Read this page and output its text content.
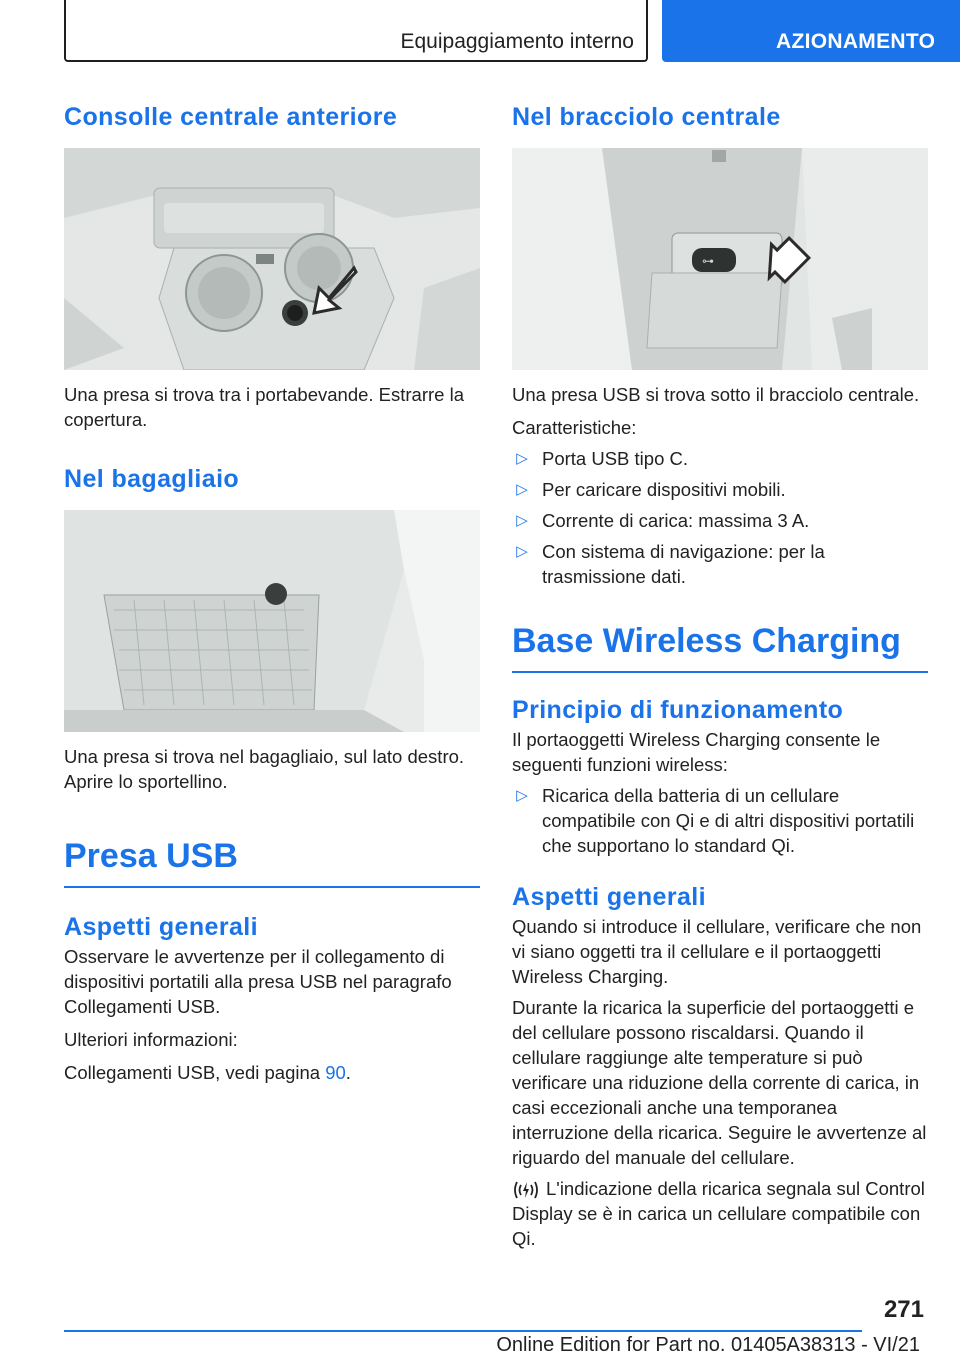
Equipaggiamento interno	AZIONAMENTO
Consolle centrale anteriore

Una presa si trova tra i portabevande. Estrarre la copertura.

Nel bagagliaio

Una presa si trova nel bagagliaio, sul lato destro. Aprire lo sportellino.

Presa USB
Aspetti generali

Osservare le avvertenze per il collegamento di dispositivi portatili alla presa USB nel paragrafo Collegamenti USB.

Ulteriori informazioni:

Collegamenti USB, vedi pagina 90.

Nel bracciolo centrale
⊶

Una presa USB si trova sotto il bracciolo centrale.

Caratteristiche:

▷ Porta USB tipo C.
▷ Per caricare dispositivi mobili.
▷ Corrente di carica: massima 3 A.
▷ Con sistema di navigazione: per la trasmissione dati.
Base Wireless Charging
Principio di funzionamento

Il portaoggetti Wireless Charging consente le seguenti funzioni wireless:

▷ Ricarica della batteria di un cellulare compatibile con Qi e di altri dispositivi portatili che supportano lo standard Qi.
Aspetti generali

Quando si introduce il cellulare, verificare che non vi siano oggetti tra il cellulare e il portaoggetti Wireless Charging.

Durante la ricarica la superficie del portaoggetti e del cellulare possono riscaldarsi. Quando il cellulare raggiunge alte temperature si può verificare una riduzione della corrente di carica, in casi eccezionali anche una temporanea interruzione della ricarica. Seguire le avvertenze al riguardo del manuale del cellulare.

L'indicazione della ricarica segnala sul Control Display se è in carica un cellulare compatibile con Qi.

271
Online Edition for Part no. 01405A38313 - VI/21
